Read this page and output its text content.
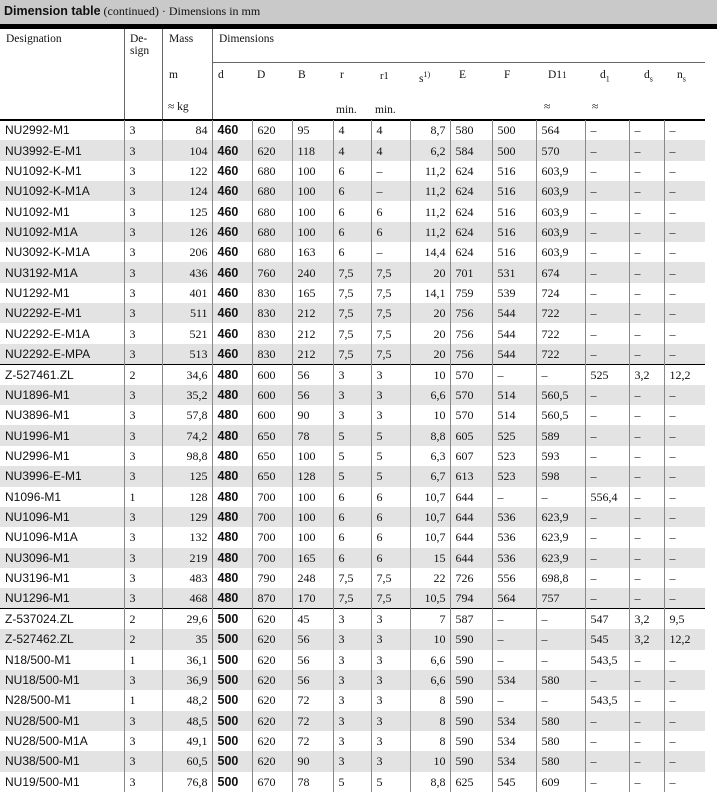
Dimension table (continued) · Dimensions in mm
Designation	De-
sign
Mass Dimensions
m
≈ kg
d	D	B	r	r1	$s^{1)}$	E	F	D11	$d_1$	$d_s$ $n_s$
min. min.	≈	≈
NU2992-M1	3	84	460	620	95	4	4	8,7	580	500	564	–	–	–
NU3992-E-M1	3	104	460	620	118	4	4	6,2	584	500	570	–	–	–
NU1092-K-M1	3	122	460	680	100	6	–	11,2	624	516	603,9	–	–	–
NU1092-K-M1A	3	124	460	680	100	6	–	11,2	624	516	603,9	–	–	–
NU1092-M1	3	125	460	680	100	6	6	11,2	624	516	603,9	–	–	–
NU1092-M1A	3	126	460	680	100	6	6	11,2	624	516	603,9	–	–	–
NU3092-K-M1A	3	206	460	680	163	6	–	14,4	624	516	603,9	–	–	–
NU3192-M1A	3	436	460	760	240	7,5	7,5	20	701	531	674	–	–	–
NU1292-M1	3	401	460	830	165	7,5	7,5	14,1	759	539	724	–	–	–
NU2292-E-M1	3	511	460	830	212	7,5	7,5	20	756	544	722	–	–	–
NU2292-E-M1A	3	521	460	830	212	7,5	7,5	20	756	544	722	–	–	–
NU2292-E-MPA	3	513	460	830	212	7,5	7,5	20	756	544	722	–	–	–
Z-527461.ZL	2	34,6	480	600	56	3	3	10	570	–	–	525	3,2	12,2
NU1896-M1	3	35,2	480	600	56	3	3	6,6	570	514	560,5	–	–	–
NU3896-M1	3	57,8	480	600	90	3	3	10	570	514	560,5	–	–	–
NU1996-M1	3	74,2	480	650	78	5	5	8,8	605	525	589	–	–	–
NU2996-M1	3	98,8	480	650	100	5	5	6,3	607	523	593	–	–	–
NU3996-E-M1	3	125	480	650	128	5	5	6,7	613	523	598	–	–	–
N1096-M1	1	128	480	700	100	6	6	10,7	644	–	–	556,4	–	–
NU1096-M1	3	129	480	700	100	6	6	10,7	644	536	623,9	–	–	–
NU1096-M1A	3	132	480	700	100	6	6	10,7	644	536	623,9	–	–	–
NU3096-M1	3	219	480	700	165	6	6	15	644	536	623,9	–	–	–
NU3196-M1	3	483	480	790	248	7,5	7,5	22	726	556	698,8	–	–	–
NU1296-M1	3	468	480	870	170	7,5	7,5	10,5	794	564	757	–	–	–
Z-537024.ZL	2	29,6	500	620	45	3	3	7	587	–	–	547	3,2	9,5
Z-527462.ZL	2	35	500	620	56	3	3	10	590	–	–	545	3,2	12,2
N18/500-M1	1	36,1	500	620	56	3	3	6,6	590	–	–	543,5	–	–
NU18/500-M1	3	36,9	500	620	56	3	3	6,6	590	534	580	–	–	–
N28/500-M1	1	48,2	500	620	72	3	3	8	590	–	–	543,5	–	–
NU28/500-M1	3	48,5	500	620	72	3	3	8	590	534	580	–	–	–
NU28/500-M1A	3	49,1	500	620	72	3	3	8	590	534	580	–	–	–
NU38/500-M1	3	60,5	500	620	90	3	3	10	590	534	580	–	–	–
NU19/500-M1	3	76,8	500	670	78	5	5	8,8	625	545	609	–	–	–
